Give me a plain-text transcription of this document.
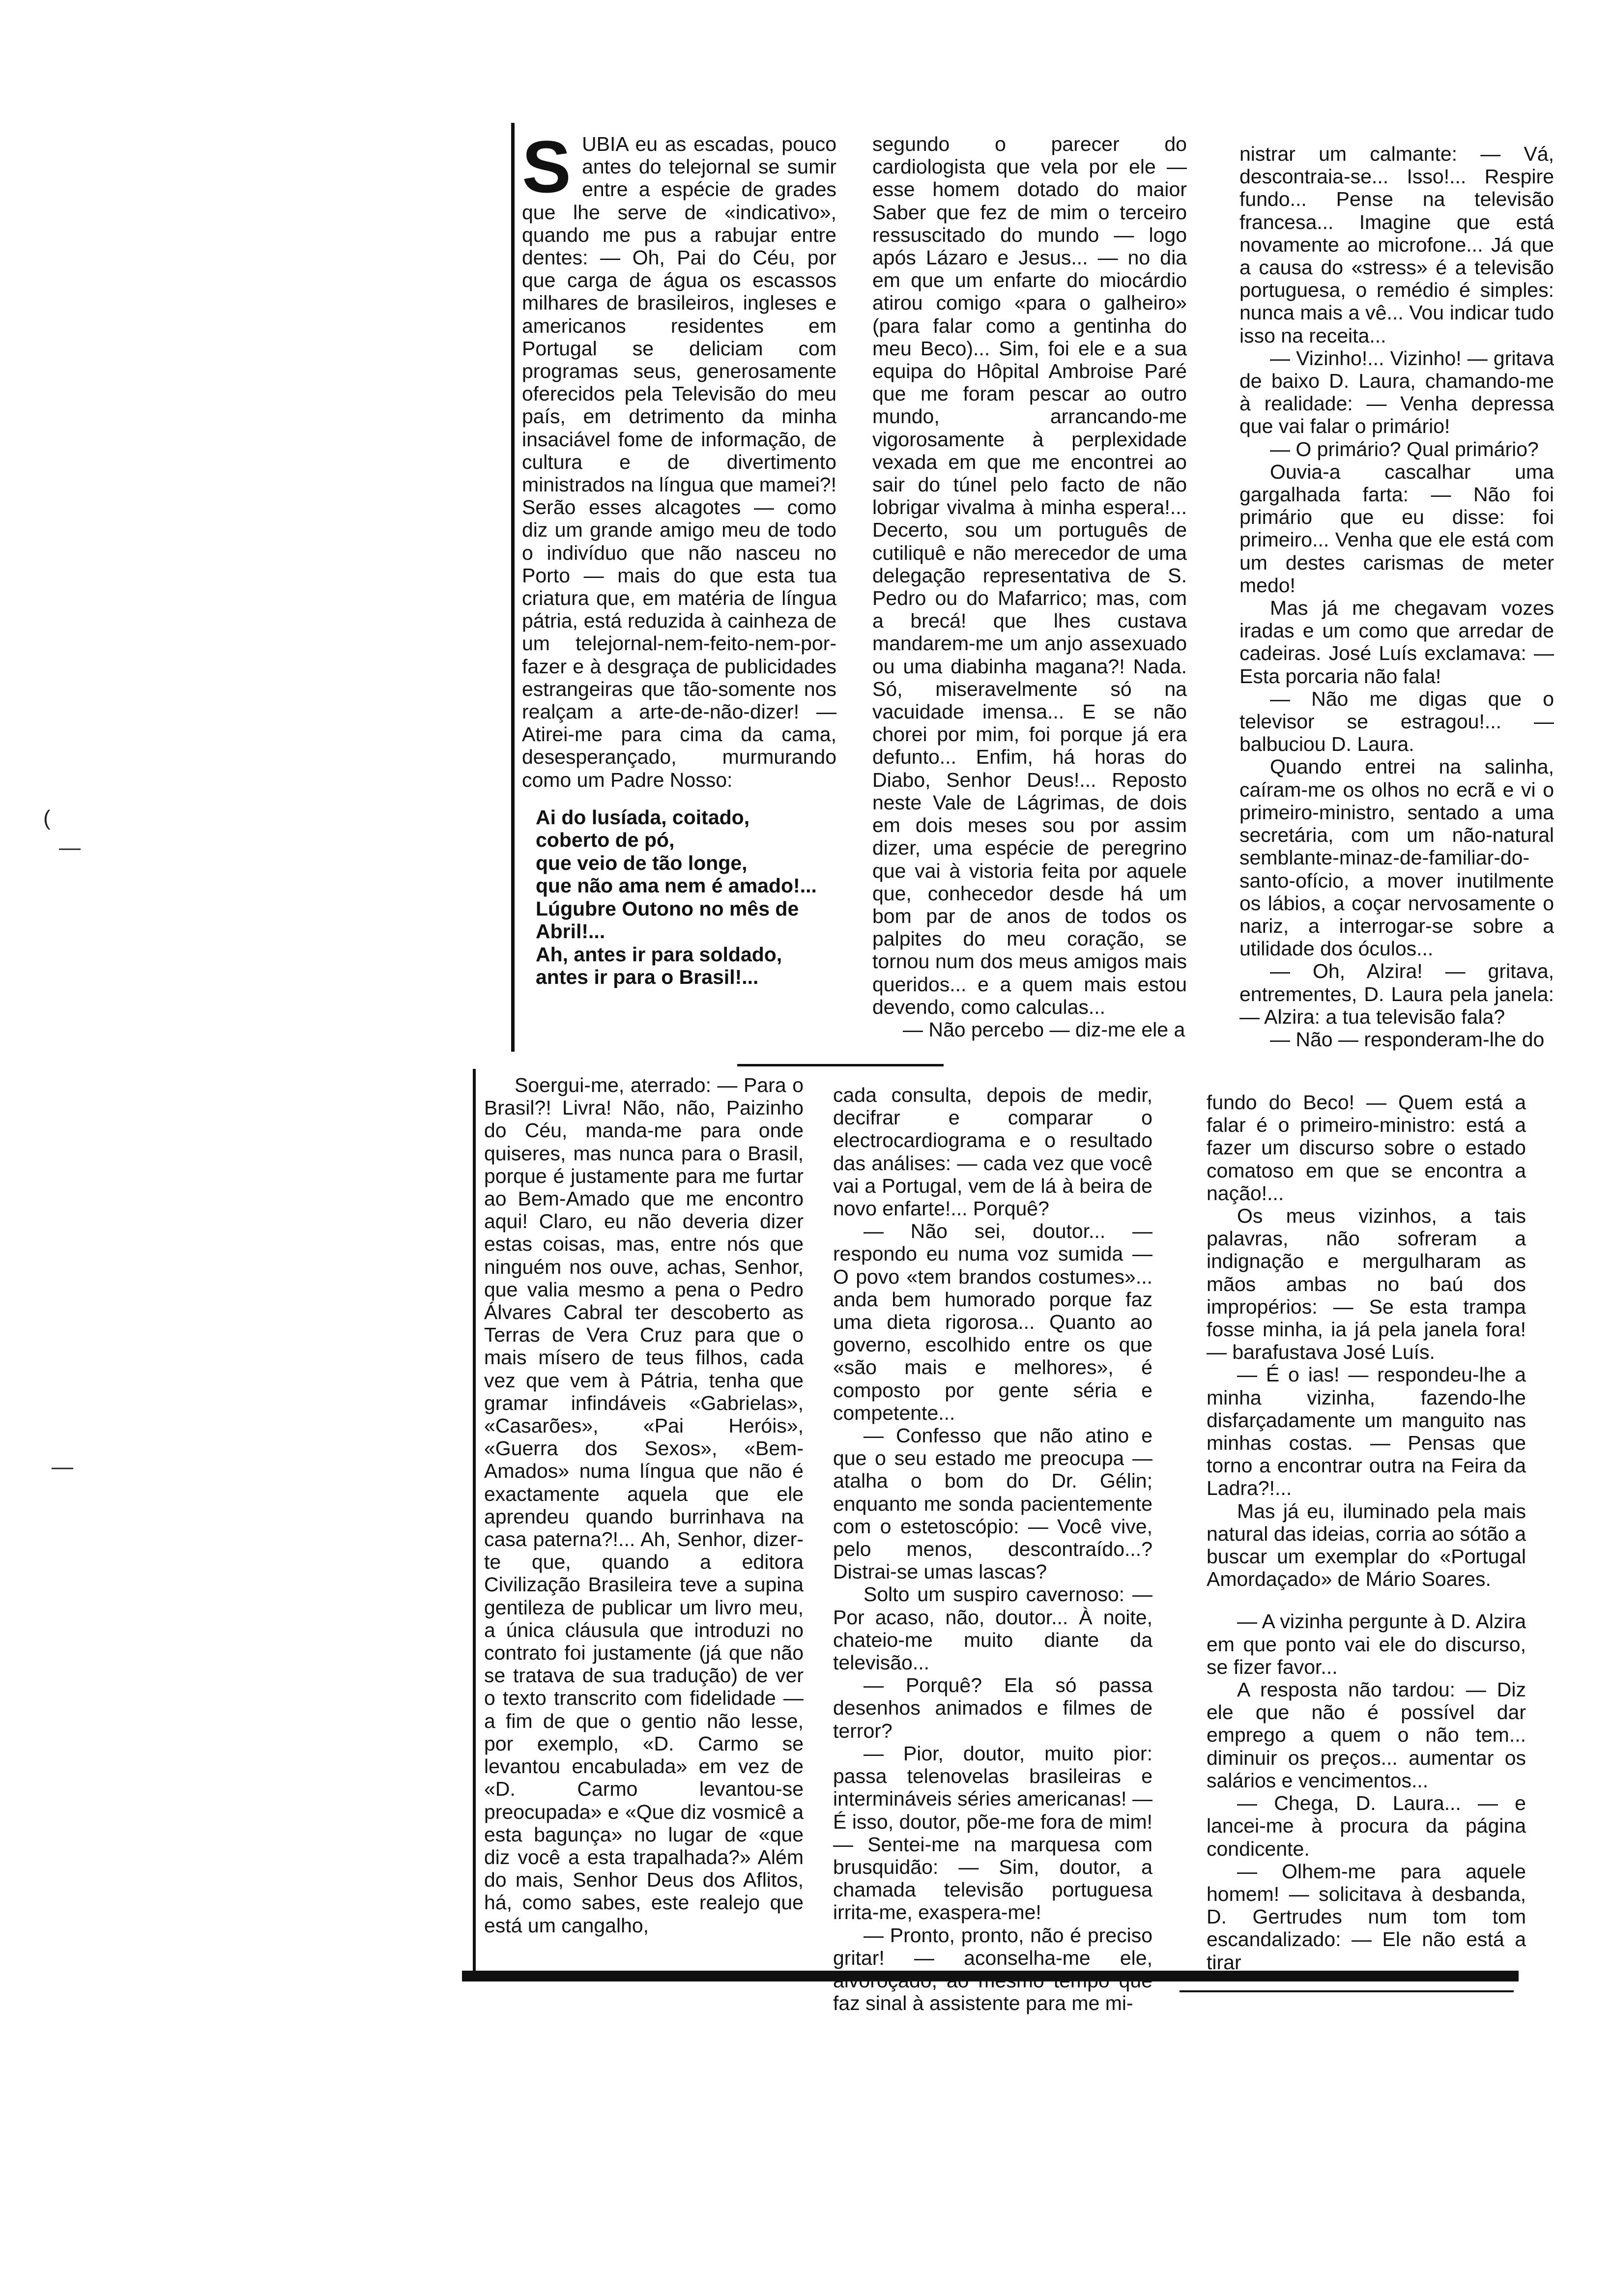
(
—
—
S UBIA eu as escadas, pouco antes do telejornal se sumir entre a espécie de grades que lhe serve de «indicativo», quando me pus a rabujar entre dentes: — Oh, Pai do Céu, por que carga de água os escassos milhares de brasileiros, ingleses e americanos residentes em Portugal se deliciam com programas seus, generosamente oferecidos pela Televisão do meu país, em detrimento da minha insaciável fome de informação, de cultura e de divertimento ministrados na língua que mamei?! Serão esses alcagotes — como diz um grande amigo meu de todo o indivíduo que não nasceu no Porto — mais do que esta tua criatura que, em matéria de língua pátria, está reduzida à cainheza de um telejornal-nem-feito-nem-por-fazer e à desgraça de publicidades estrangeiras que tão-somente nos realçam a arte-de-não-dizer! — Atirei-me para cima da cama, desesperançado, murmurando como um Padre Nosso:

Ai do lusíada, coitado,
coberto de pó,
que veio de tão longe,
que não ama nem é amado!...
Lúgubre Outono no mês de Abril!...
Ah, antes ir para soldado,
antes ir para o Brasil!...

segundo o parecer do cardiologista que vela por ele — esse homem dotado do maior Saber que fez de mim o terceiro ressuscitado do mundo — logo após Lázaro e Jesus... — no dia em que um enfarte do miocárdio atirou comigo «para o galheiro» (para falar como a gentinha do meu Beco)... Sim, foi ele e a sua equipa do Hôpital Ambroise Paré que me foram pescar ao outro mundo, arrancando-me vigorosamente à perplexidade vexada em que me encontrei ao sair do túnel pelo facto de não lobrigar vivalma à minha espera!... Decerto, sou um português de cutiliquê e não merecedor de uma delegação representativa de S. Pedro ou do Mafarrico; mas, com a brecá! que lhes custava mandarem-me um anjo assexuado ou uma diabinha magana?! Nada. Só, miseravelmente só na vacuidade imensa... E se não chorei por mim, foi porque já era defunto... Enfim, há horas do Diabo, Senhor Deus!... Reposto neste Vale de Lágrimas, de dois em dois meses sou por assim dizer, uma espécie de peregrino que vai à vistoria feita por aquele que, conhecedor desde há um bom par de anos de todos os palpites do meu coração, se tornou num dos meus amigos mais queridos... e a quem mais estou devendo, como calculas...

— Não percebo — diz-me ele a

nistrar um calmante: — Vá, descontraia-se... Isso!... Respire fundo... Pense na televisão francesa... Imagine que está novamente ao microfone... Já que a causa do «stress» é a televisão portuguesa, o remédio é simples: nunca mais a vê... Vou indicar tudo isso na receita...

— Vizinho!... Vizinho! — gritava de baixo D. Laura, chamando-me à realidade: — Venha depressa que vai falar o primário!

— O primário? Qual primário?

Ouvia-a cascalhar uma gargalhada farta: — Não foi primário que eu disse: foi primeiro... Venha que ele está com um destes carismas de meter medo!

Mas já me chegavam vozes iradas e um como que arredar de cadeiras. José Luís exclamava: — Esta porcaria não fala!

— Não me digas que o televisor se estragou!... — balbuciou D. Laura.

Quando entrei na salinha, caíram-me os olhos no ecrã e vi o primeiro-ministro, sentado a uma secretária, com um não-natural semblante-minaz-de-familiar-do-santo-ofício, a mover inutilmente os lábios, a coçar nervosamente o nariz, a interrogar-se sobre a utilidade dos óculos...

— Oh, Alzira! — gritava, entrementes, D. Laura pela janela: — Alzira: a tua televisão fala?

— Não — responderam-lhe do

Soergui-me, aterrado: — Para o Brasil?! Livra! Não, não, Paizinho do Céu, manda-me para onde quiseres, mas nunca para o Brasil, porque é justamente para me furtar ao Bem-Amado que me encontro aqui! Claro, eu não deveria dizer estas coisas, mas, entre nós que ninguém nos ouve, achas, Senhor, que valia mesmo a pena o Pedro Álvares Cabral ter descoberto as Terras de Vera Cruz para que o mais mísero de teus filhos, cada vez que vem à Pátria, tenha que gramar infindáveis «Gabrielas», «Casarões», «Pai Heróis», «Guerra dos Sexos», «Bem-Amados» numa língua que não é exactamente aquela que ele aprendeu quando burrinhava na casa paterna?!... Ah, Senhor, dizer-te que, quando a editora Civilização Brasileira teve a supina gentileza de publicar um livro meu, a única cláusula que introduzi no contrato foi justamente (já que não se tratava de sua tradução) de ver o texto transcrito com fidelidade — a fim de que o gentio não lesse, por exemplo, «D. Carmo se levantou encabulada» em vez de «D. Carmo levantou-se preocupada» e «Que diz vosmicê a esta bagunça» no lugar de «que diz você a esta trapalhada?» Além do mais, Senhor Deus dos Aflitos, há, como sabes, este realejo que está um cangalho,

cada consulta, depois de medir, decifrar e comparar o electrocardiograma e o resultado das análises: — cada vez que você vai a Portugal, vem de lá à beira de novo enfarte!... Porquê?

— Não sei, doutor... — respondo eu numa voz sumida — O povo «tem brandos costumes»... anda bem humorado porque faz uma dieta rigorosa... Quanto ao governo, escolhido entre os que «são mais e melhores», é composto por gente séria e competente...

— Confesso que não atino e que o seu estado me preocupa — atalha o bom do Dr. Gélin; enquanto me sonda pacientemente com o estetoscópio: — Você vive, pelo menos, descontraído...? Distrai-se umas lascas?

Solto um suspiro cavernoso: — Por acaso, não, doutor... À noite, chateio-me muito diante da televisão...

— Porquê? Ela só passa desenhos animados e filmes de terror?

— Pior, doutor, muito pior: passa telenovelas brasileiras e intermináveis séries americanas! — É isso, doutor, põe-me fora de mim! — Sentei-me na marquesa com brusquidão: — Sim, doutor, a chamada televisão portuguesa irrita-me, exaspera-me!

— Pronto, pronto, não é preciso gritar! — aconselha-me ele, alvoroçado, ao mesmo tempo que faz sinal à assistente para me mi-

fundo do Beco! — Quem está a falar é o primeiro-ministro: está a fazer um discurso sobre o estado comatoso em que se encontra a nação!...

Os meus vizinhos, a tais palavras, não sofreram a indignação e mergulharam as mãos ambas no baú dos impropérios: — Se esta trampa fosse minha, ia já pela janela fora! — barafustava José Luís.

— É o ias! — respondeu-lhe a minha vizinha, fazendo-lhe disfarçadamente um manguito nas minhas costas. — Pensas que torno a encontrar outra na Feira da Ladra?!...

Mas já eu, iluminado pela mais natural das ideias, corria ao sótão a buscar um exemplar do «Portugal Amordaçado» de Mário Soares.

— A vizinha pergunte à D. Alzira em que ponto vai ele do discurso, se fizer favor...

A resposta não tardou: — Diz ele que não é possível dar emprego a quem o não tem... diminuir os preços... aumentar os salários e vencimentos...

— Chega, D. Laura... — e lancei-me à procura da página condicente.

— Olhem-me para aquele homem! — solicitava à desbanda, D. Gertrudes num tom tom escandalizado: — Ele não está a tirar
